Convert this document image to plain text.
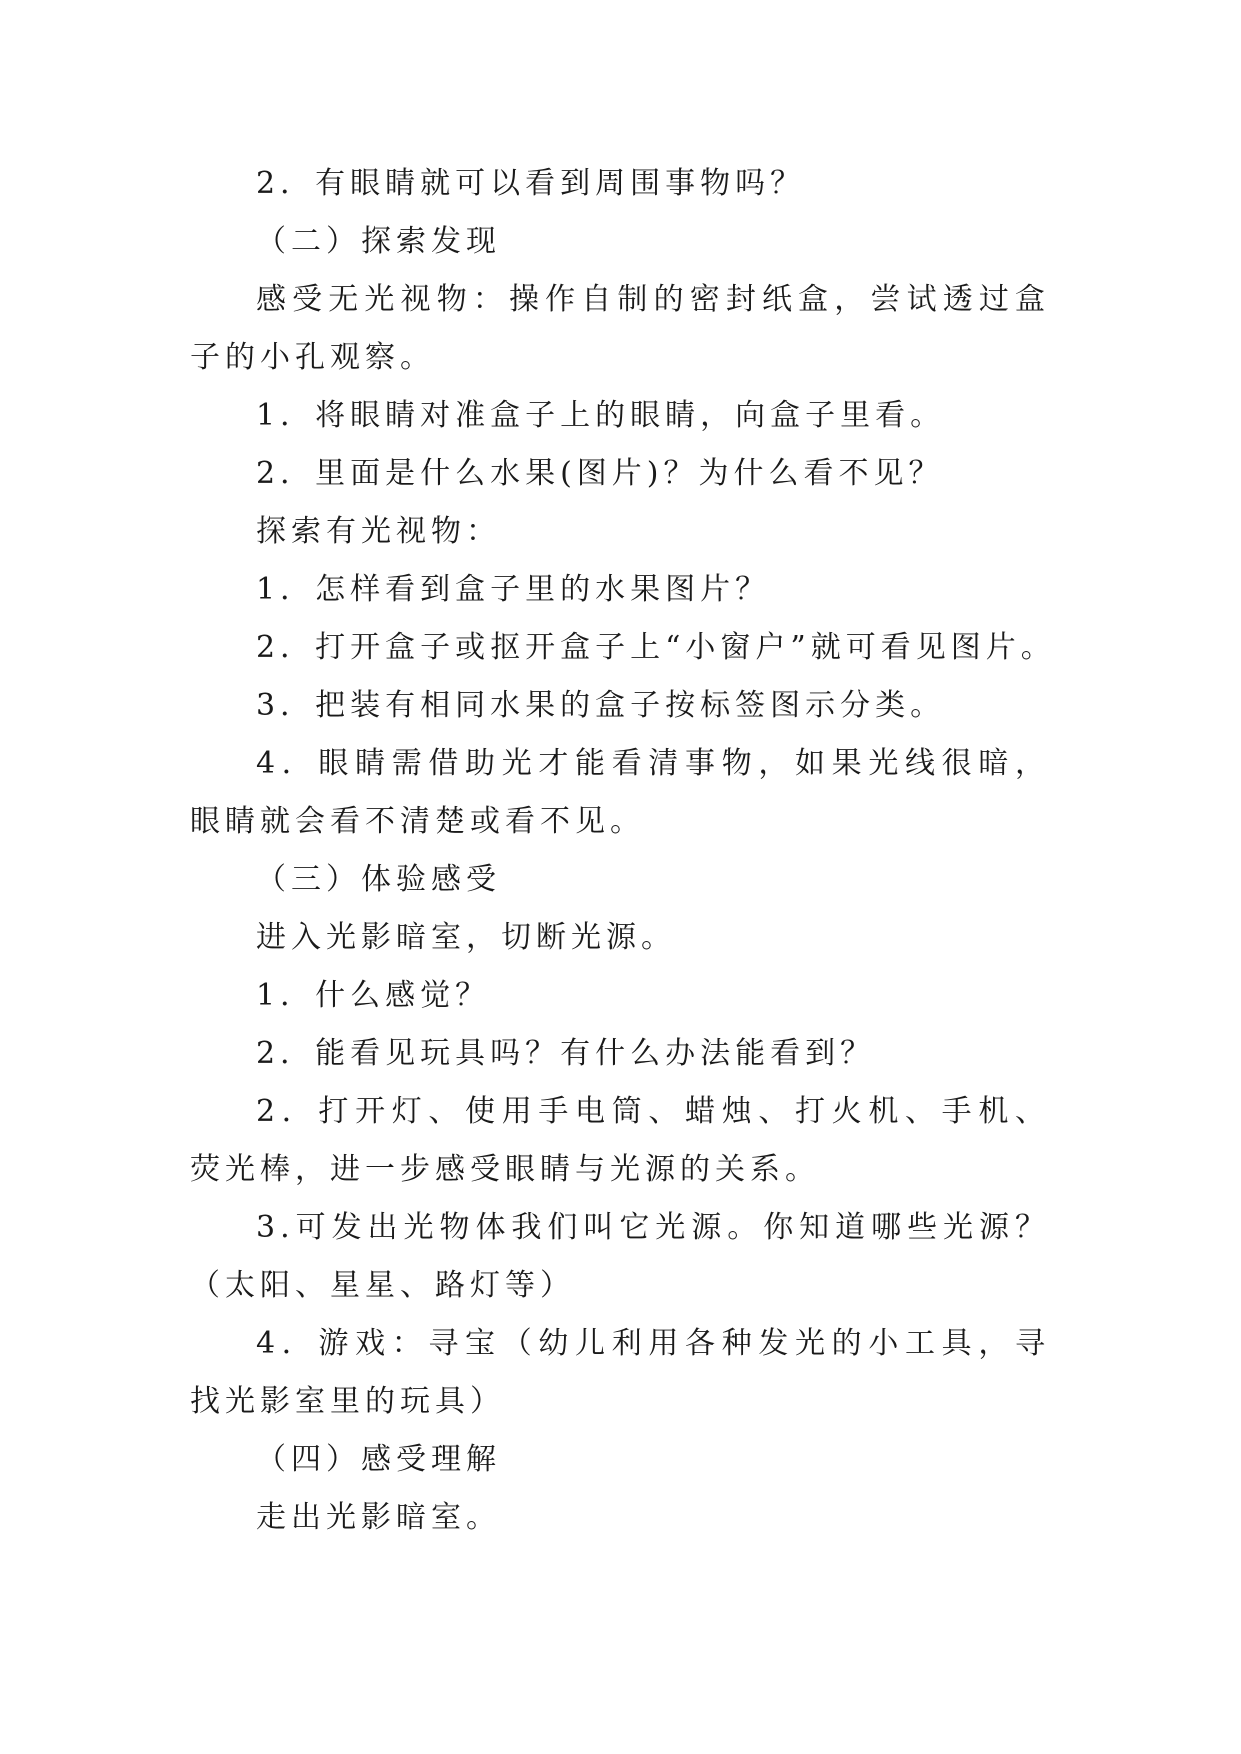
2．有眼睛就可以看到周围事物吗？

（二）探索发现

感受无光视物：操作自制的密封纸盒，尝试透过盒子的小孔观察。

1．将眼睛对准盒子上的眼睛，向盒子里看。

2．里面是什么水果(图片)？为什么看不见？

探索有光视物：

1．怎样看到盒子里的水果图片？

2．打开盒子或抠开盒子上“小窗户”就可看见图片。

3．把装有相同水果的盒子按标签图示分类。

4．眼睛需借助光才能看清事物，如果光线很暗，眼睛就会看不清楚或看不见。

（三）体验感受

进入光影暗室，切断光源。

1．什么感觉？

2．能看见玩具吗？有什么办法能看到？

2．打开灯、使用手电筒、蜡烛、打火机、手机、荧光棒，进一步感受眼睛与光源的关系。

3.可发出光物体我们叫它光源。你知道哪些光源？（太阳、星星、路灯等）

4．游戏：寻宝（幼儿利用各种发光的小工具，寻找光影室里的玩具）

（四）感受理解

走出光影暗室。
